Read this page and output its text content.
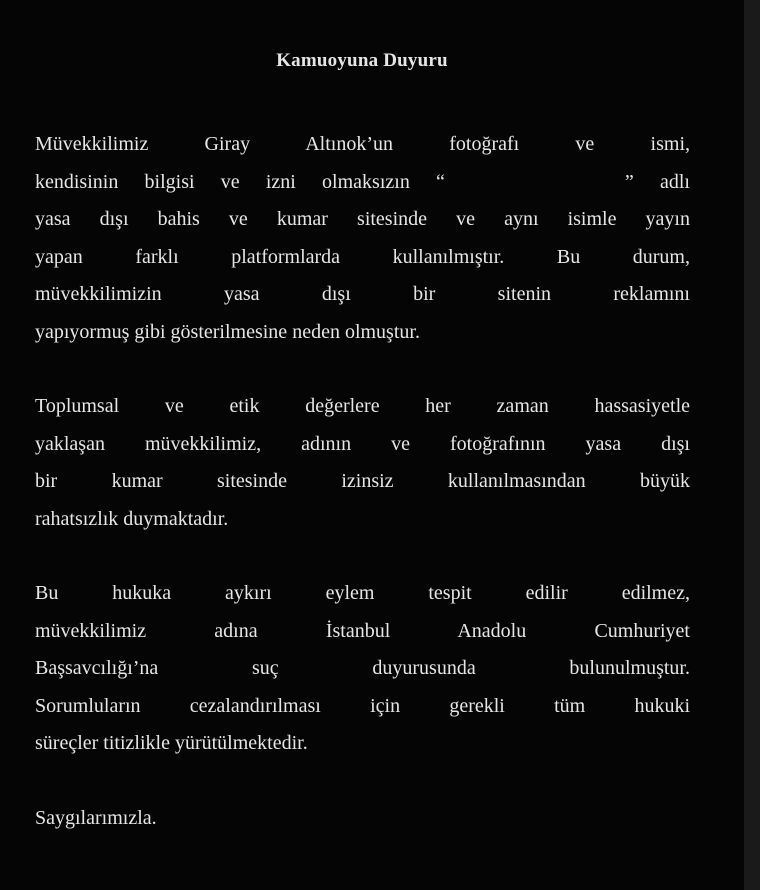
Kamuoyuna Duyuru
Müvekkilimiz Giray Altınok’un fotoğrafı ve ismi,
kendisinin bilgisi ve izni olmaksızın “	” adlı
yasa dışı bahis ve kumar sitesinde ve aynı isimle yayın
yapan farklı platformlarda kullanılmıştır. Bu durum,
müvekkilimizin yasa dışı bir sitenin reklamını
yapıyormuş gibi gösterilmesine neden olmuştur.
Toplumsal ve etik değerlere her zaman hassasiyetle
yaklaşan müvekkilimiz, adının ve fotoğrafının yasa dışı
bir kumar sitesinde izinsiz kullanılmasından büyük
rahatsızlık duymaktadır.
Bu hukuka aykırı eylem tespit edilir edilmez,
müvekkilimiz adına İstanbul Anadolu Cumhuriyet
Başsavcılığı’na suç duyurusunda bulunulmuştur.
Sorumluların cezalandırılması için gerekli tüm hukuki
süreçler titizlikle yürütülmektedir.
Saygılarımızla.
